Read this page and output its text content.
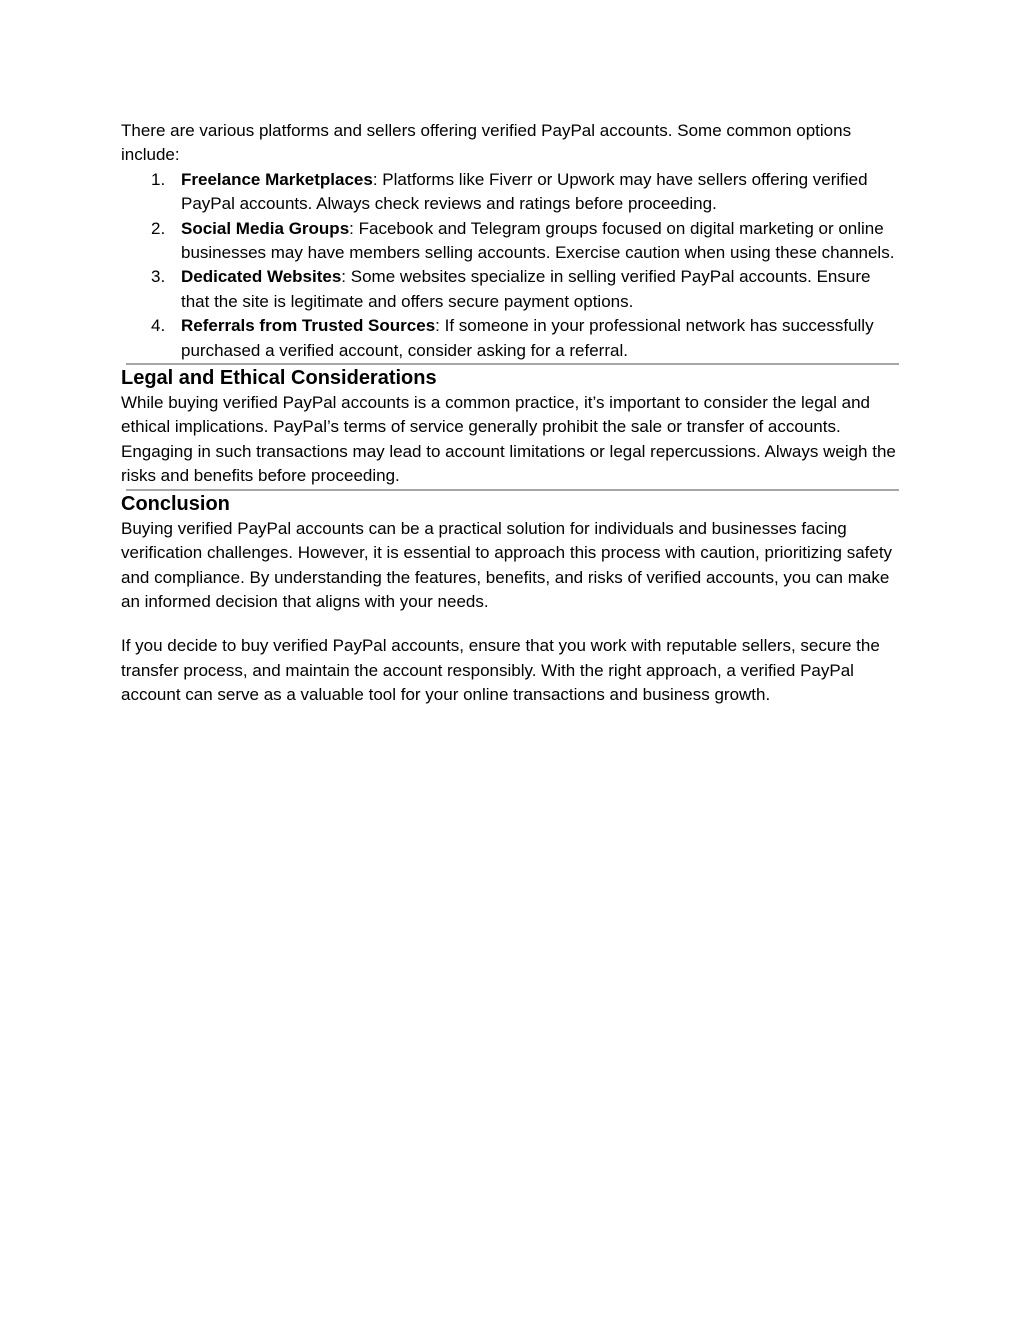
There are various platforms and sellers offering verified PayPal accounts. Some common options include:

1. Freelance Marketplaces: Platforms like Fiverr or Upwork may have sellers offering verified PayPal accounts. Always check reviews and ratings before proceeding.
2. Social Media Groups: Facebook and Telegram groups focused on digital marketing or online businesses may have members selling accounts. Exercise caution when using these channels.
3. Dedicated Websites: Some websites specialize in selling verified PayPal accounts. Ensure that the site is legitimate and offers secure payment options.
4. Referrals from Trusted Sources: If someone in your professional network has successfully purchased a verified account, consider asking for a referral.
Legal and Ethical Considerations

While buying verified PayPal accounts is a common practice, it’s important to consider the legal and ethical implications. PayPal’s terms of service generally prohibit the sale or transfer of accounts. Engaging in such transactions may lead to account limitations or legal repercussions. Always weigh the risks and benefits before proceeding.

Conclusion

Buying verified PayPal accounts can be a practical solution for individuals and businesses facing verification challenges. However, it is essential to approach this process with caution, prioritizing safety and compliance. By understanding the features, benefits, and risks of verified accounts, you can make an informed decision that aligns with your needs.

If you decide to buy verified PayPal accounts, ensure that you work with reputable sellers, secure the transfer process, and maintain the account responsibly. With the right approach, a verified PayPal account can serve as a valuable tool for your online transactions and business growth.
